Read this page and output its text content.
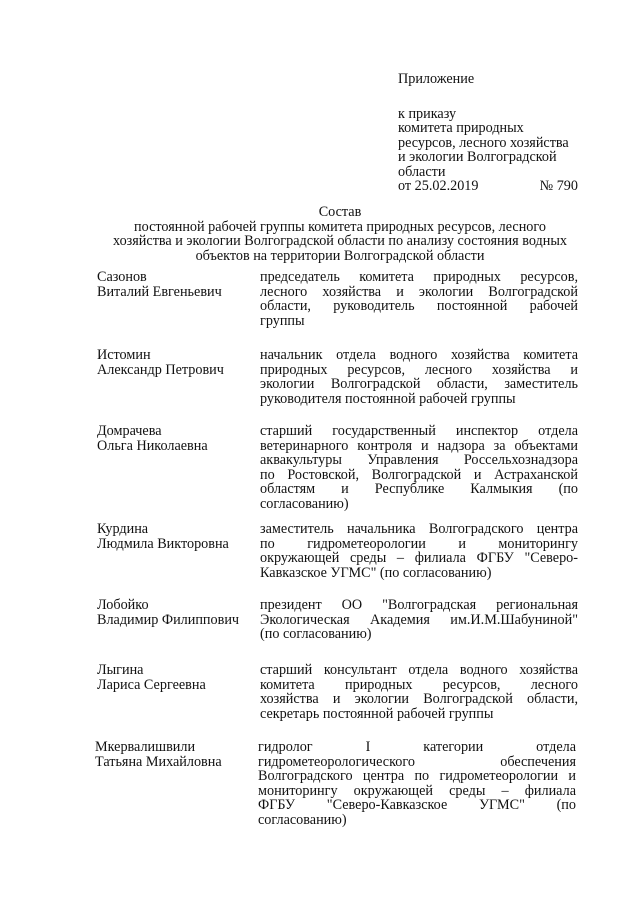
Приложение
к приказу
комитета природных
ресурсов, лесного хозяйства
и экологии Волгоградской
области
от 25.02.2019	№ 790
Состав
постоянной рабочей группы комитета природных ресурсов, лесного
хозяйства и экологии Волгоградской области по анализу состояния водных
объектов на территории Волгоградской области
Сазонов
Виталий Евгеньевич
председатель комитета природных ресурсов,
лесного хозяйства и экологии Волгоградской
области, руководитель постоянной рабочей
группы
Истомин
Александр Петрович
начальник отдела водного хозяйства комитета
природных ресурсов, лесного хозяйства и
экологии Волгоградской области, заместитель
руководителя постоянной рабочей группы
Домрачева
Ольга Николаевна
старший государственный инспектор отдела
ветеринарного контроля и надзора за объектами
аквакультуры Управления Россельхознадзора
по Ростовской, Волгоградской и Астраханской
областям и Республике Калмыкия (по
согласованию)
Курдина
Людмила Викторовна
заместитель начальника Волгоградского центра
по гидрометеорологии и мониторингу
окружающей среды – филиала ФГБУ "Северо-
Кавказское УГМС" (по согласованию)
Лобойко
Владимир Филиппович
президент ОО "Волгоградская региональная
Экологическая Академия им.И.М.Шабуниной"
(по согласованию)
Лыгина
Лариса Сергеевна
старший консультант отдела водного хозяйства
комитета природных ресурсов, лесного
хозяйства и экологии Волгоградской области,
секретарь постоянной рабочей группы
Мкервалишвили
Татьяна Михайловна
гидролог I категории отдела
гидрометеорологического обеспечения
Волгоградского центра по гидрометеорологии и
мониторингу окружающей среды – филиала
ФГБУ "Северо-Кавказское УГМС" (по
согласованию)
